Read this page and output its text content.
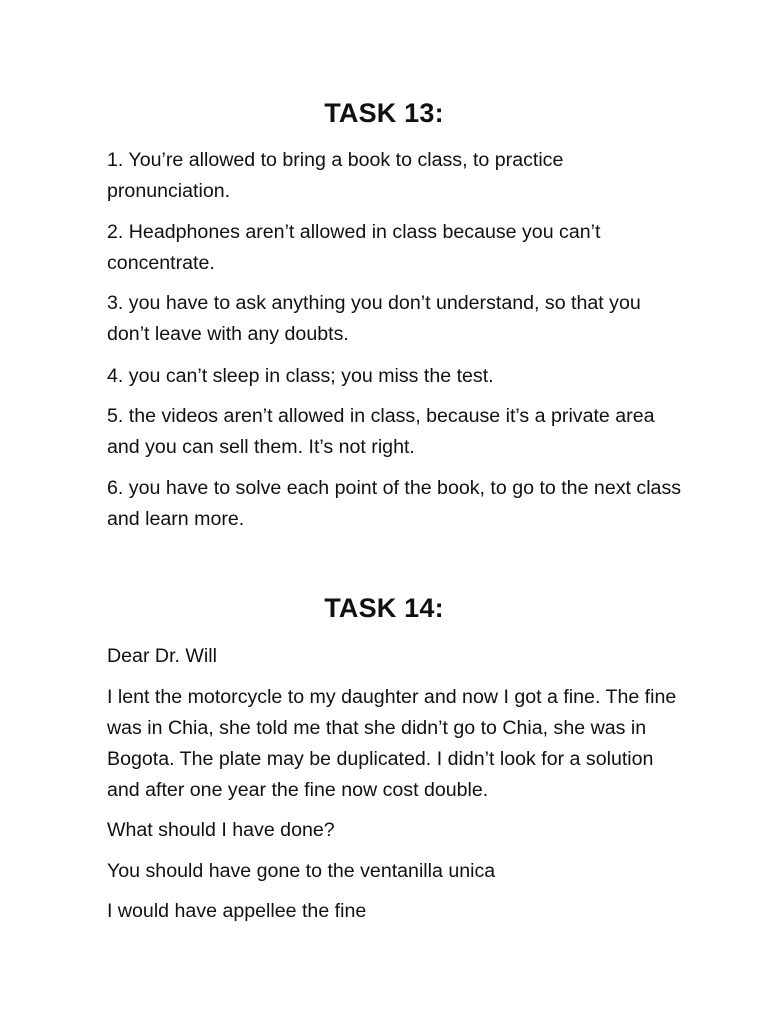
TASK 13:

1. You’re allowed to bring a book to class, to practice pronunciation.

2. Headphones aren’t allowed in class because you can’t concentrate.

3. you have to ask anything you don’t understand, so that you don’t leave with any doubts.

4. you can’t sleep in class; you miss the test.

5. the videos aren’t allowed in class, because it’s a private area and you can sell them. It’s not right.

6. you have to solve each point of the book, to go to the next class and learn more.

TASK 14:

Dear Dr. Will

I lent the motorcycle to my daughter and now I got a fine. The fine was in Chia, she told me that she didn’t go to Chia, she was in Bogota. The plate may be duplicated. I didn’t look for a solution and after one year the fine now cost double.

What should I have done?

You should have gone to the ventanilla unica

I would have appellee the fine
